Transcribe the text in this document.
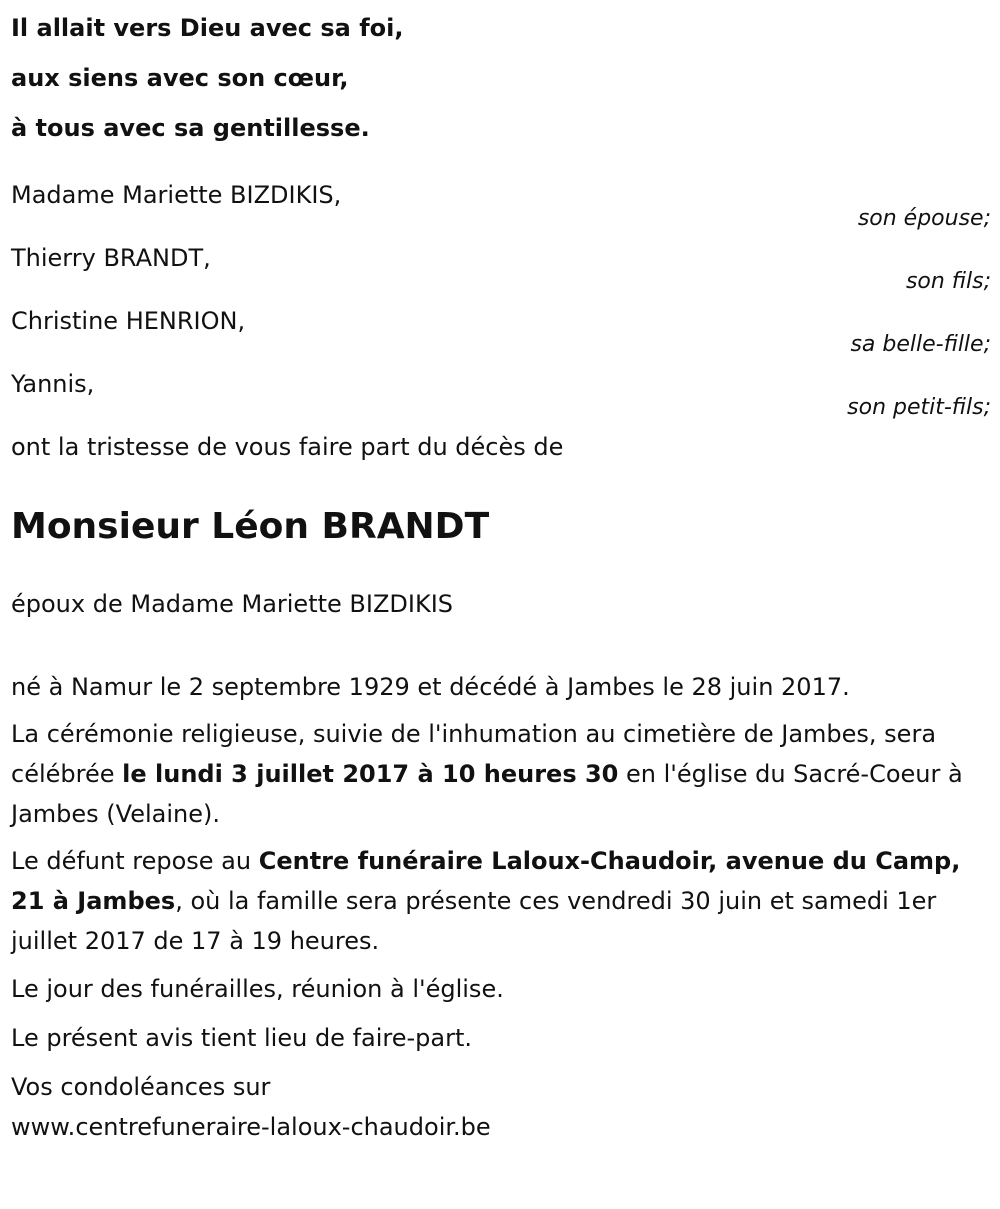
Il allait vers Dieu avec sa foi,
aux siens avec son cœur,
à tous avec sa gentillesse.
Madame Mariette BIZDIKIS,
son épouse;
Thierry BRANDT,
son fils;
Christine HENRION,
sa belle-fille;
Yannis,
son petit-fils;
ont la tristesse de vous faire part du décès de
Monsieur Léon BRANDT
époux de Madame Mariette BIZDIKIS
né à Namur le 2 septembre 1929 et décédé à Jambes le 28 juin 2017.
La cérémonie religieuse, suivie de l'inhumation au cimetière de Jambes, sera célébrée le lundi 3 juillet 2017 à 10 heures 30 en l'église du Sacré-Coeur à Jambes (Velaine).
Le défunt repose au Centre funéraire Laloux-Chaudoir, avenue du Camp, 21 à Jambes, où la famille sera présente ces vendredi 30 juin et samedi 1er juillet 2017 de 17 à 19 heures.
Le jour des funérailles, réunion à l'église.
Le présent avis tient lieu de faire-part.
Vos condoléances sur
www.centrefuneraire-laloux-chaudoir.be
